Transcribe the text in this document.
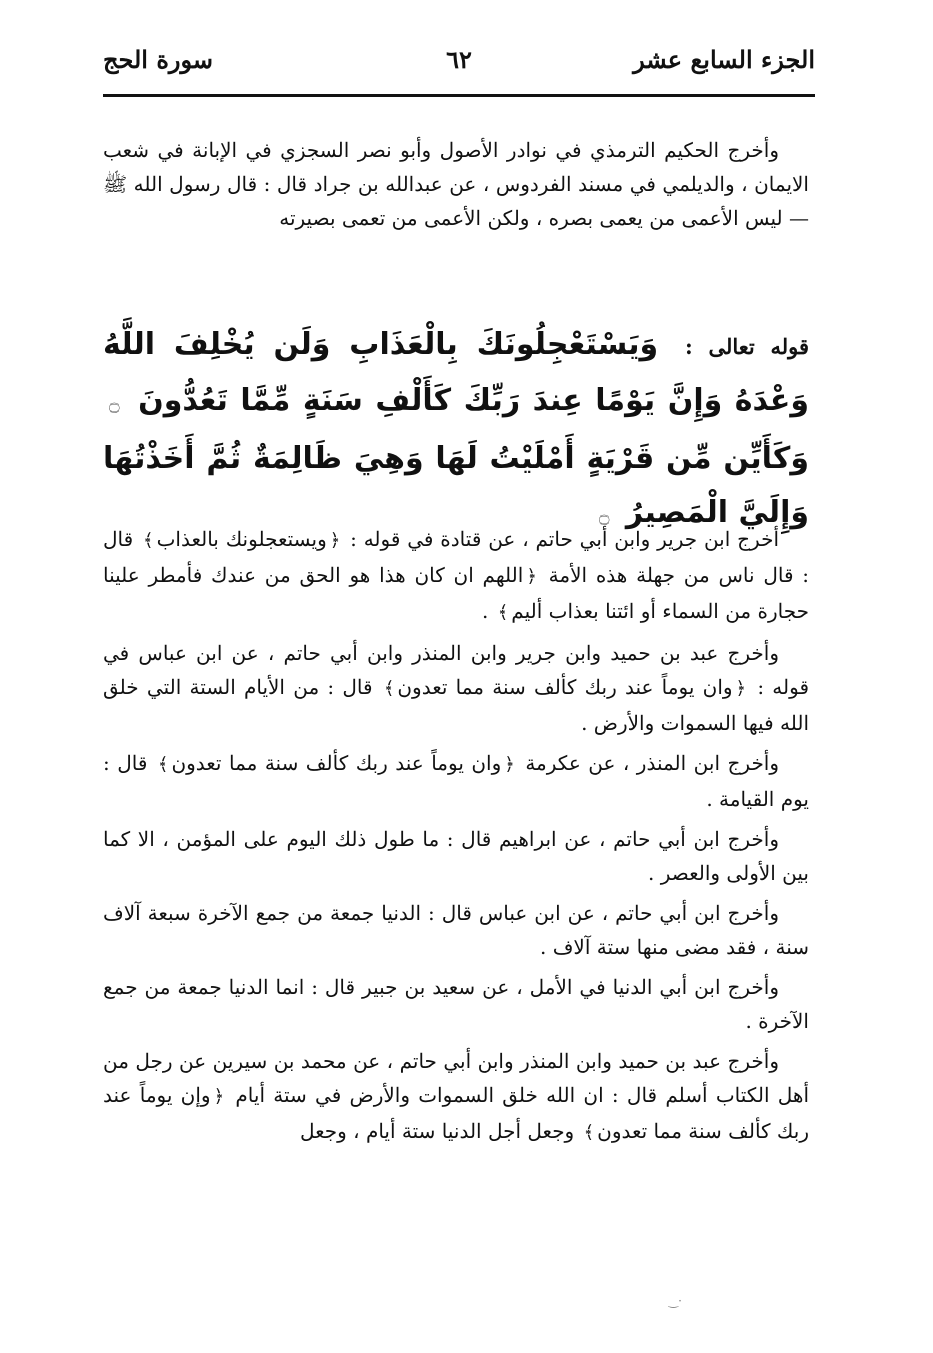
الجزء السابع عشر
٦٢
سورة الحج

وأخرج الحكيم الترمذي في نوادر الأصول وأبو نصر السجزي في الإبانة في شعب الايمان ، والديلمي في مسند الفردوس ، عن عبدالله بن جراد قال : قال رسول الله ﷺ — ليس الأعمى من يعمى بصره ، ولكن الأعمى من تعمى بصيرته

قوله تعالى : وَيَسْتَعْجِلُونَكَ بِالْعَذَابِ وَلَن يُخْلِفَ اللَّهُ وَعْدَهُ وَإِنَّ يَوْمًا عِندَ رَبِّكَ كَأَلْفِ سَنَةٍ مِّمَّا تَعُدُّونَ ۝ وَكَأَيِّن مِّن قَرْيَةٍ أَمْلَيْتُ لَهَا وَهِيَ ظَالِمَةٌ ثُمَّ أَخَذْتُهَا وَإِلَيَّ الْمَصِيرُ ۝

أخرج ابن جرير وابن أبي حاتم ، عن قتادة في قوله : ﴿ويستعجلونك بالعذاب﴾ قال : قال ناس من جهلة هذه الأمة ﴿اللهم ان كان هذا هو الحق من عندك فأمطر علينا حجارة من السماء أو ائتنا بعذاب أليم﴾ .

وأخرج عبد بن حميد وابن جرير وابن المنذر وابن أبي حاتم ، عن ابن عباس في قوله : ﴿وان يوماً عند ربك كألف سنة مما تعدون﴾ قال : من الأيام الستة التي خلق الله فيها السموات والأرض .

وأخرج ابن المنذر ، عن عكرمة ﴿وان يوماً عند ربك كألف سنة مما تعدون﴾ قال : يوم القيامة .

وأخرج ابن أبي حاتم ، عن ابراهيم قال : ما طول ذلك اليوم على المؤمن ، الا كما بين الأولى والعصر .

وأخرج ابن أبي حاتم ، عن ابن عباس قال : الدنيا جمعة من جمع الآخرة سبعة آلاف سنة ، فقد مضى منها ستة آلاف .

وأخرج ابن أبي الدنيا في الأمل ، عن سعيد بن جبير قال : انما الدنيا جمعة من جمع الآخرة .

وأخرج عبد بن حميد وابن المنذر وابن أبي حاتم ، عن محمد بن سيرين عن رجل من أهل الكتاب أسلم قال : ان الله خلق السموات والأرض في ستة أيام ﴿وإن يوماً عند ربك كألف سنة مما تعدون﴾ وجعل أجل الدنيا ستة أيام ، وجعل

·‿
